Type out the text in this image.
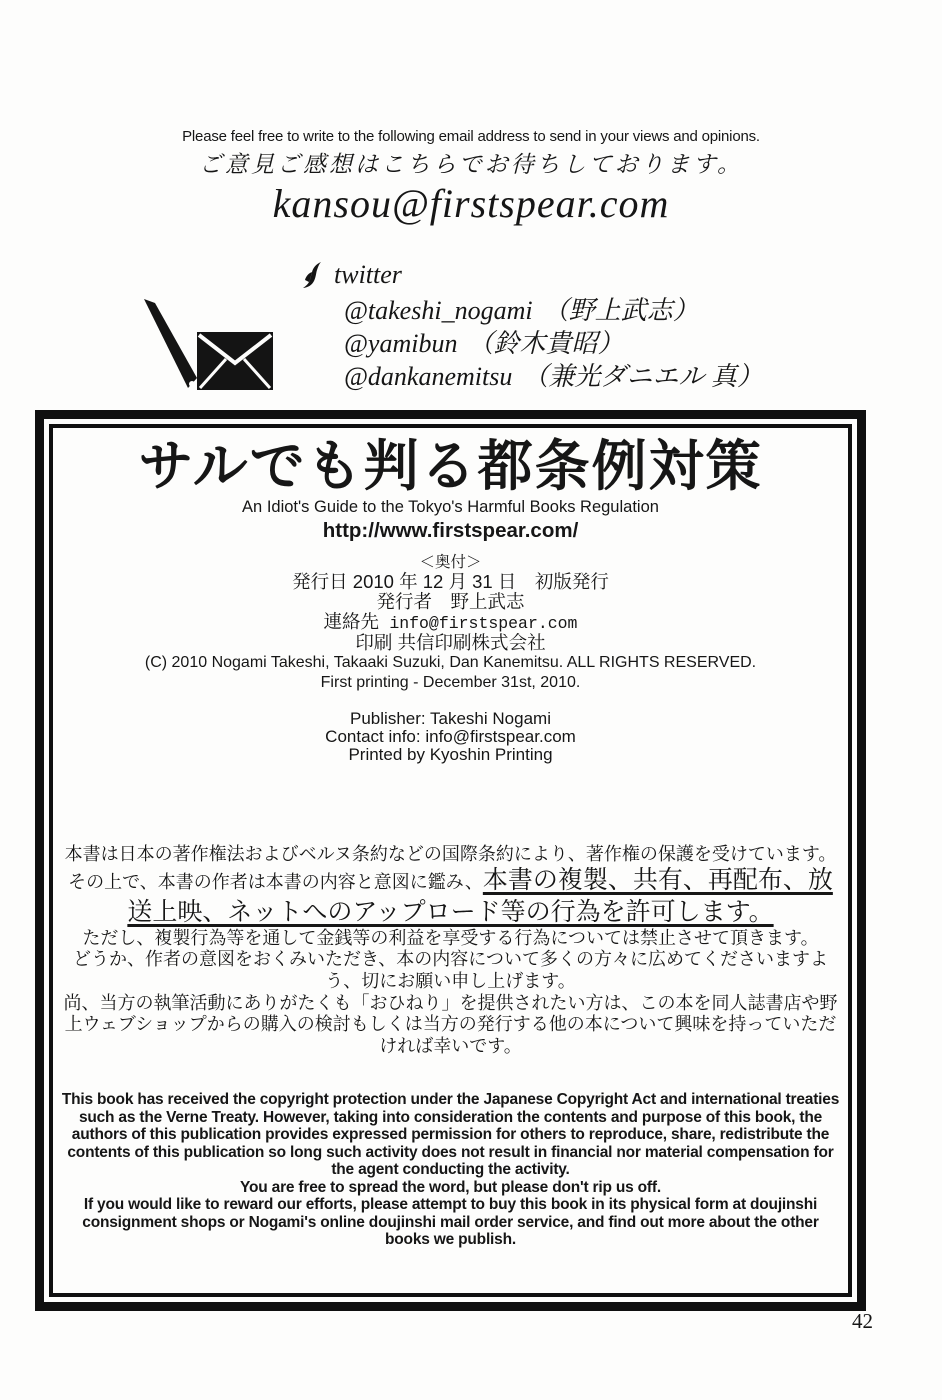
Please feel free to write to the following email address to send in your views and opinions.
ご意見ご感想はこちらでお待ちしております。
kansou@firstspear.com
twitter
@takeshi_nogami （野上武志）
@yamibun （鈴木貴昭）
@dankanemitsu （兼光ダニエル 真）
サルでも判る都条例対策
An Idiot's Guide to the Tokyo's Harmful Books Regulation
http://www.firstspear.com/
＜奥付＞
発行日 2010 年 12 月 31 日　初版発行
発行者　野上武志
連絡先 info@firstspear.com
印刷 共信印刷株式会社
(C) 2010 Nogami Takeshi, Takaaki Suzuki, Dan Kanemitsu. ALL RIGHTS RESERVED.
First printing - December 31st, 2010.
Publisher: Takeshi Nogami
Contact info: info@firstspear.com
Printed by Kyoshin Printing

本書は日本の著作権法およびベルヌ条約などの国際条約により、著作権の保護を受けています。その上で、本書の作者は本書の内容と意図に鑑み、本書の複製、共有、再配布、放送上映、ネットへのアップロード等の行為を許可します。

ただし、複製行為等を通して金銭等の利益を享受する行為については禁止させて頂きます。

どうか、作者の意図をおくみいただき、本の内容について多くの方々に広めてくださいますよう、切にお願い申し上げます。

尚、当方の執筆活動にありがたくも「おひねり」を提供されたい方は、この本を同人誌書店や野上ウェブショップからの購入の検討もしくは当方の発行する他の本について興味を持っていただければ幸いです。

This book has received the copyright protection under the Japanese Copyright Act and international treaties such as the Verne Treaty. However, taking into consideration the contents and purpose of this book, the authors of this publication provides expressed permission for others to reproduce, share, redistribute the contents of this publication so long such activity does not result in financial nor material compensation for the agent conducting the activity.

You are free to spread the word, but please don't rip us off.

If you would like to reward our efforts, please attempt to buy this book in its physical form at doujinshi consignment shops or Nogami's online doujinshi mail order service, and find out more about the other books we publish.

42
